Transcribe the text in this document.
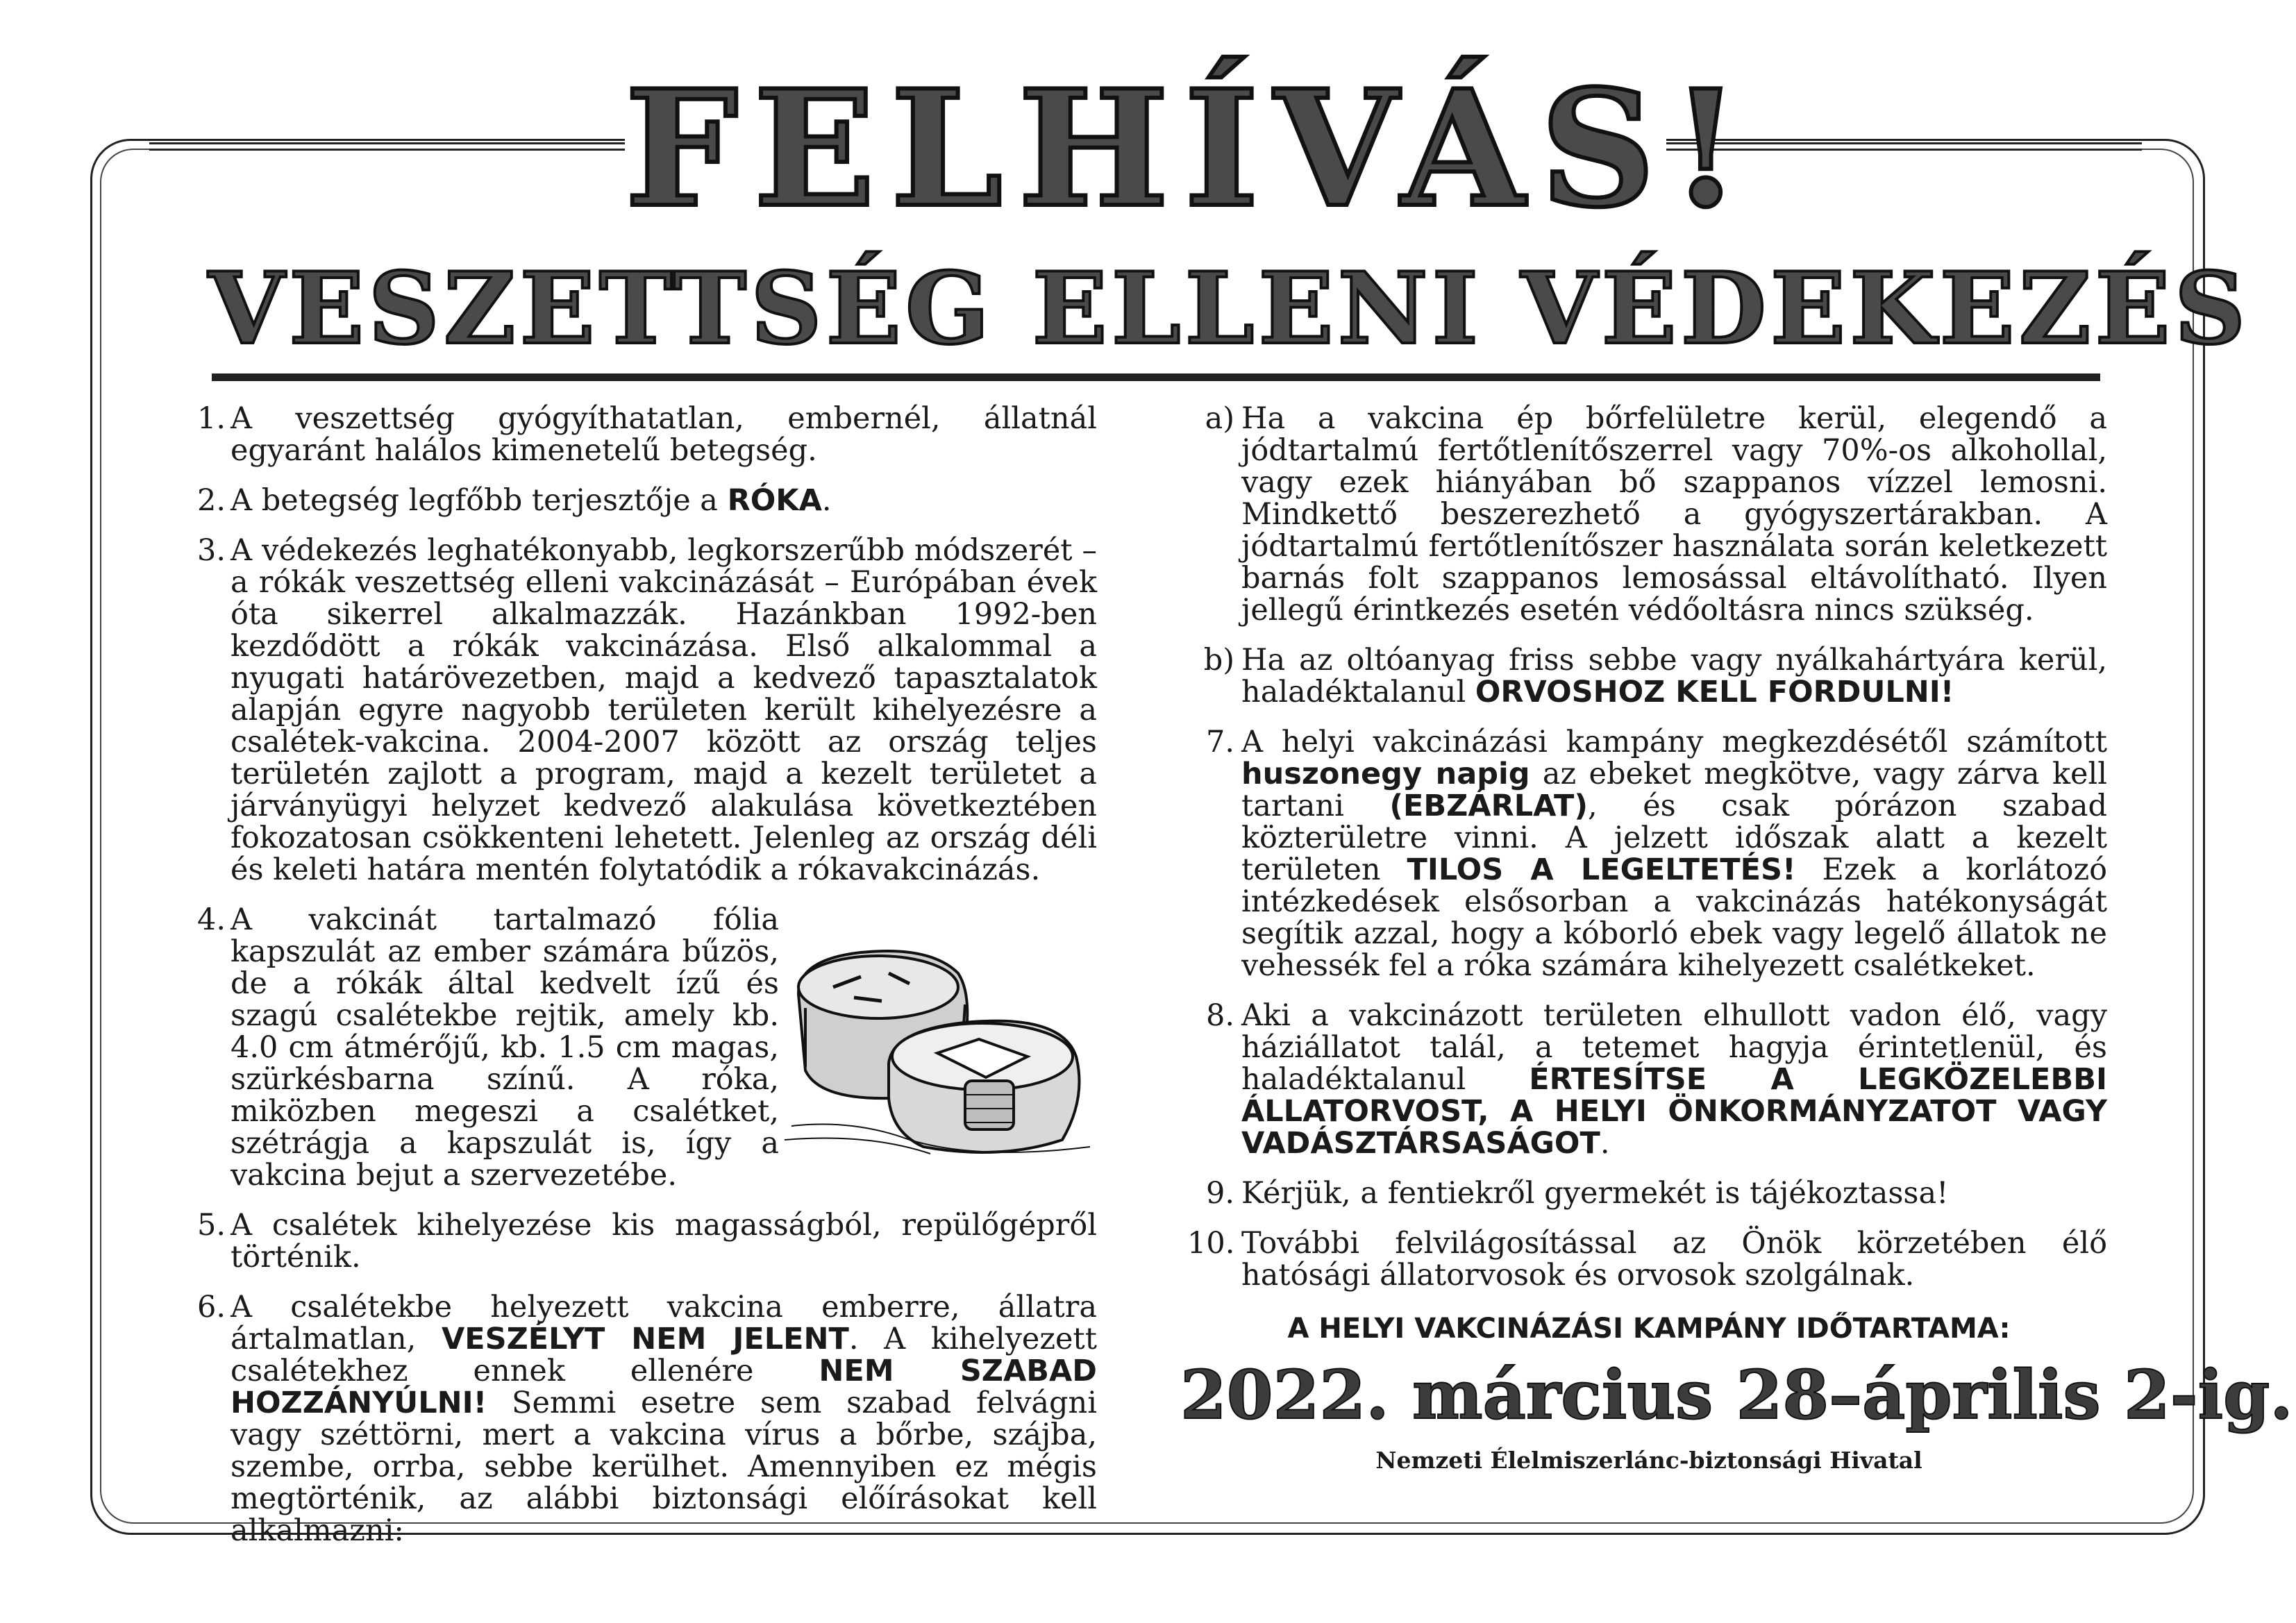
FELHÍVÁS!
VESZETTSÉG ELLENI VÉDEKEZÉS
1. A veszettség gyógyíthatatlan, embernél, állatnál egyaránt halálos kimenetelű betegség.
2. A betegség legfőbb terjesztője a RÓKA.
3. A védekezés leghatékonyabb, legkorszerűbb módszerét – a rókák veszettség elleni vakcinázását – Európában évek óta sikerrel alkalmazzák. Hazánkban 1992-ben kezdődött a rókák vakcinázása. Első alkalommal a nyugati határövezetben, majd a kedvező tapasztalatok alapján egyre nagyobb területen került kihelyezésre a csalétek-vakcina. 2004-2007 között az ország teljes területén zajlott a program, majd a kezelt területet a járványügyi helyzet kedvező alakulása következtében fokozatosan csökkenteni lehetett. Jelenleg az ország déli és keleti határa mentén folytatódik a rókavakcinázás.
4. A vakcinát tartalmazó fólia kapszulát az ember számára bűzös, de a rókák által kedvelt ízű és szagú csalétekbe rejtik, amely kb. 4.0 cm átmérőjű, kb. 1.5 cm magas, szürkésbarna színű. A róka, miközben megeszi a csalétket, szétrágja a kapszulát is, így a vakcina bejut a szervezetébe.
5. A csalétek kihelyezése kis magasságból, repülőgépről történik.
6. A csalétekbe helyezett vakcina emberre, állatra ártalmatlan, VESZÉLYT NEM JELENT. A kihelyezett csalétekhez ennek ellenére NEM SZABAD HOZZÁNYÚLNI! Semmi esetre sem szabad felvágni vagy széttörni, mert a vakcina vírus a bőrbe, szájba, szembe, orrba, sebbe kerülhet. Amennyiben ez mégis megtörténik, az alábbi biztonsági előírásokat kell alkalmazni:
a) Ha a vakcina ép bőrfelületre kerül, elegendő a jódtartalmú fertőtlenítőszerrel vagy 70%-os alkohollal, vagy ezek hiányában bő szappanos vízzel lemosni. Mindkettő beszerezhető a gyógyszertárakban. A jódtartalmú fertőtlenítőszer használata során keletkezett barnás folt szappanos lemosással eltávolítható. Ilyen jellegű érintkezés esetén védőoltásra nincs szükség.
b) Ha az oltóanyag friss sebbe vagy nyálkahártyára kerül, haladéktalanul ORVOSHOZ KELL FORDULNI!
7. A helyi vakcinázási kampány megkezdésétől számított huszonegy napig az ebeket megkötve, vagy zárva kell tartani (EBZÁRLAT), és csak pórázon szabad közterületre vinni. A jelzett időszak alatt a kezelt területen TILOS A LEGELTETÉS! Ezek a korlátozó intézkedések elsősorban a vakcinázás hatékonyságát segítik azzal, hogy a kóborló ebek vagy legelő állatok ne vehessék fel a róka számára kihelyezett csalétkeket.
8. Aki a vakcinázott területen elhullott vadon élő, vagy háziállatot talál, a tetemet hagyja érintetlenül, és haladéktalanul ÉRTESÍTSE A LEGKÖZELEBBI ÁLLATORVOST, A HELYI ÖNKORMÁNYZATOT VAGY VADÁSZTÁRSASÁGOT.
9. Kérjük, a fentiekről gyermekét is tájékoztassa!
10. További felvilágosítással az Önök körzetében élő hatósági állatorvosok és orvosok szolgálnak.
A HELYI VAKCINÁZÁSI KAMPÁNY IDŐTARTAMA:
2022. március 28–április 2-ig.
Nemzeti Élelmiszerlánc-biztonsági Hivatal
